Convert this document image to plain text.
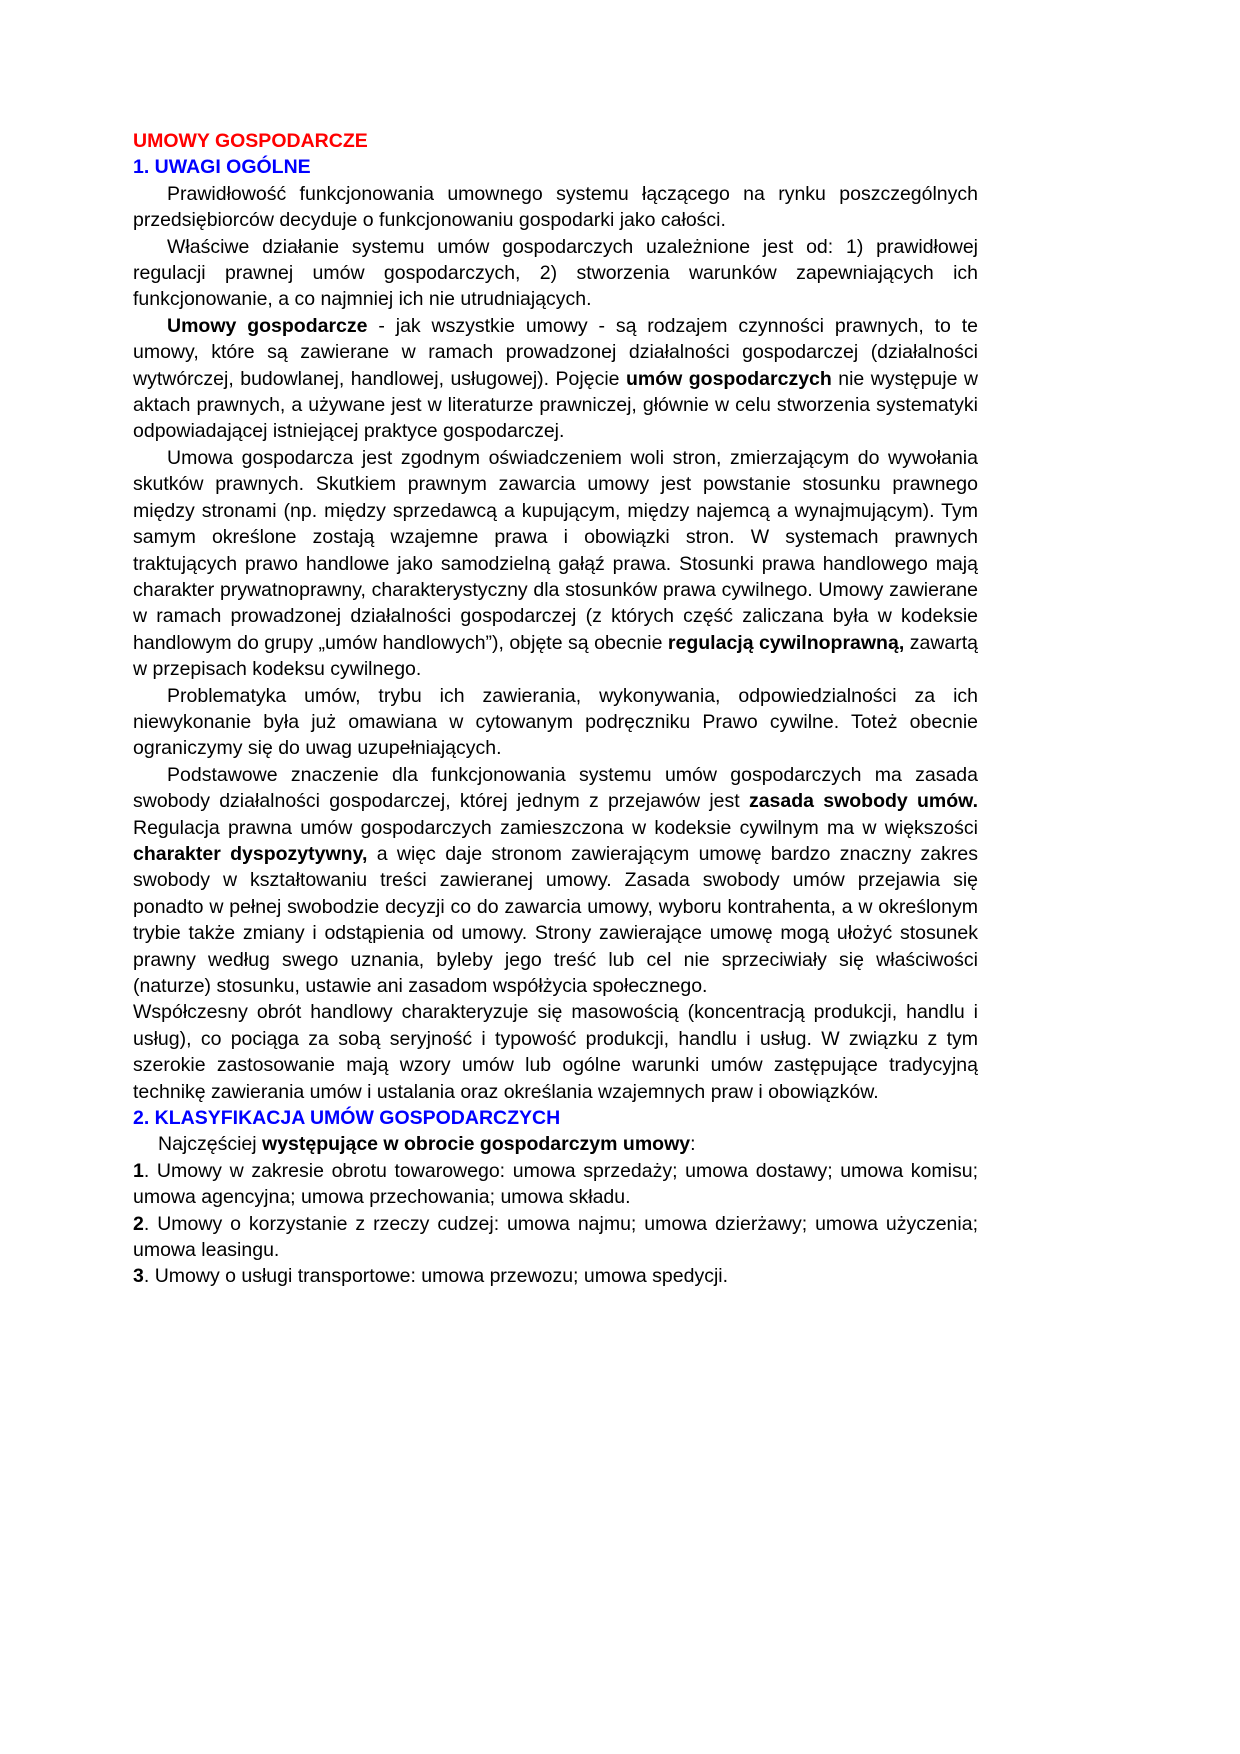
UMOWY GOSPODARCZE
1. UWAGI OGÓLNE

Prawidłowość funkcjonowania umownego systemu łączącego na rynku poszczególnych przedsiębiorców decyduje o funkcjonowaniu gospodarki jako całości.

Właściwe działanie systemu umów gospodarczych uzależnione jest od: 1) prawidłowej regulacji prawnej umów gospodarczych, 2) stworzenia warunków zapewniających ich funkcjonowanie, a co najmniej ich nie utrudniających.

Umowy gospodarcze - jak wszystkie umowy - są rodzajem czynności prawnych, to te umowy, które są zawierane w ramach prowadzonej działalności gospodarczej (działalności wytwórczej, budowlanej, handlowej, usługowej). Pojęcie umów gospodarczych nie występuje w aktach prawnych, a używane jest w literaturze prawniczej, głównie w celu stworzenia systematyki odpowiadającej istniejącej praktyce gospodarczej.

Umowa gospodarcza jest zgodnym oświadczeniem woli stron, zmierzającym do wywołania skutków prawnych. Skutkiem prawnym zawarcia umowy jest powstanie stosunku prawnego między stronami (np. między sprzedawcą a kupującym, między najemcą a wynajmującym). Tym samym określone zostają wzajemne prawa i obowiązki stron. W systemach prawnych traktujących prawo handlowe jako samodzielną gałąź prawa. Stosunki prawa handlowego mają charakter prywatnoprawny, charakterystyczny dla stosunków prawa cywilnego. Umowy zawierane w ramach prowadzonej działalności gospodarczej (z których część zaliczana była w kodeksie handlowym do grupy „umów handlowych”), objęte są obecnie regulacją cywilnoprawną, zawartą w przepisach kodeksu cywilnego.

Problematyka umów, trybu ich zawierania, wykonywania, odpowiedzialności za ich niewykonanie była już omawiana w cytowanym podręczniku Prawo cywilne. Toteż obecnie ograniczymy się do uwag uzupełniających.

Podstawowe znaczenie dla funkcjonowania systemu umów gospodarczych ma zasada swobody działalności gospodarczej, której jednym z przejawów jest zasada swobody umów. Regulacja prawna umów gospodarczych zamieszczona w kodeksie cywilnym ma w większości charakter dyspozytywny, a więc daje stronom zawierającym umowę bardzo znaczny zakres swobody w kształtowaniu treści zawieranej umowy. Zasada swobody umów przejawia się ponadto w pełnej swobodzie decyzji co do zawarcia umowy, wyboru kontrahenta, a w określonym trybie także zmiany i odstąpienia od umowy. Strony zawierające umowę mogą ułożyć stosunek prawny według swego uznania, byleby jego treść lub cel nie sprzeciwiały się właściwości (naturze) stosunku, ustawie ani zasadom współżycia społecznego.

Współczesny obrót handlowy charakteryzuje się masowością (koncentracją produkcji, handlu i usług), co pociąga za sobą seryjność i typowość produkcji, handlu i usług. W związku z tym szerokie zastosowanie mają wzory umów lub ogólne warunki umów zastępujące tradycyjną technikę zawierania umów i ustalania oraz określania wzajemnych praw i obowiązków.

2. KLASYFIKACJA UMÓW GOSPODARCZYCH

Najczęściej występujące w obrocie gospodarczym umowy:

1. Umowy w zakresie obrotu towarowego: umowa sprzedaży; umowa dostawy; umowa komisu; umowa agencyjna; umowa przechowania; umowa składu.

2. Umowy o korzystanie z rzeczy cudzej: umowa najmu; umowa dzierżawy; umowa użyczenia; umowa leasingu.

3. Umowy o usługi transportowe: umowa przewozu; umowa spedycji.
